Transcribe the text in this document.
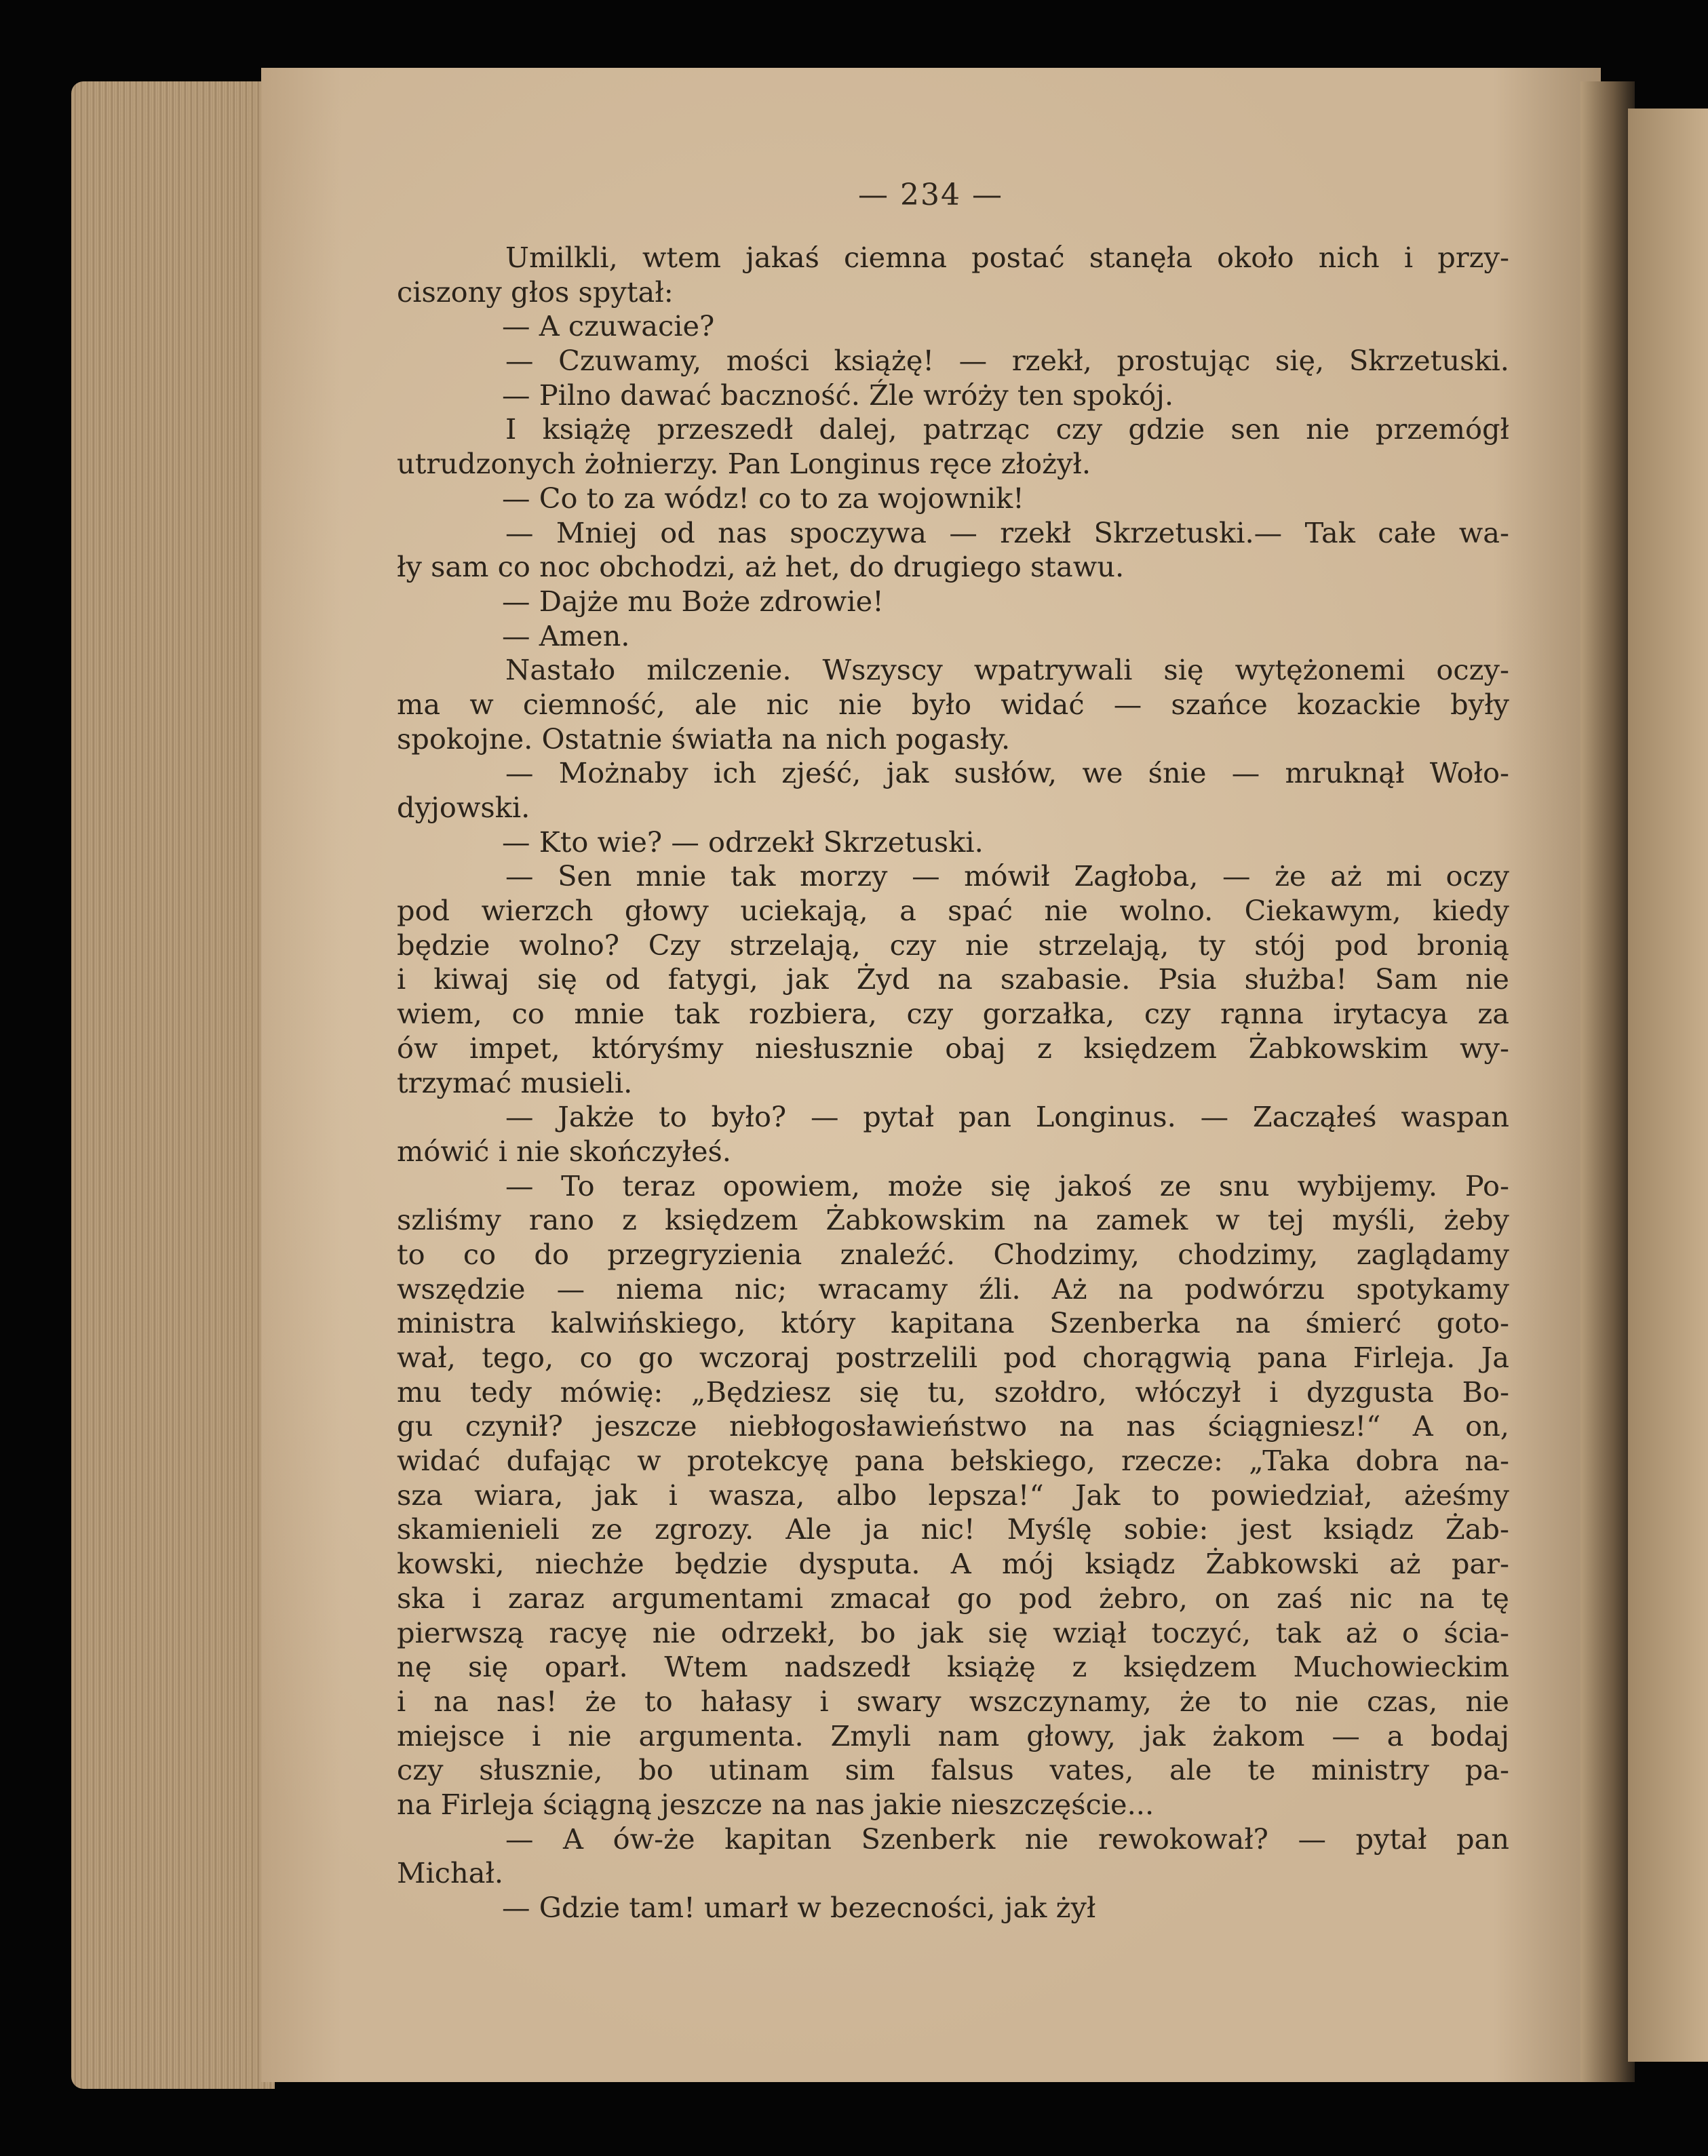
— 234 —
Umilkli, wtem jakaś ciemna postać stanęła około nich i przy-
ciszony głos spytał:
— A czuwacie?
— Czuwamy, mości książę! — rzekł, prostując się, Skrzetuski.
— Pilno dawać baczność. Źle wróży ten spokój.
I książę przeszedł dalej, patrząc czy gdzie sen nie przemógł
utrudzonych żołnierzy. Pan Longinus ręce złożył.
— Co to za wódz! co to za wojownik!
— Mniej od nas spoczywa — rzekł Skrzetuski.— Tak całe wa-
ły sam co noc obchodzi, aż het, do drugiego stawu.
— Dajże mu Boże zdrowie!
— Amen.
Nastało milczenie. Wszyscy wpatrywali się wytężonemi oczy-
ma w ciemność, ale nic nie było widać — szańce kozackie były
spokojne. Ostatnie światła na nich pogasły.
— Możnaby ich zjeść, jak susłów, we śnie — mruknął Woło-
dyjowski.
— Kto wie? — odrzekł Skrzetuski.
— Sen mnie tak morzy — mówił Zagłoba, — że aż mi oczy
pod wierzch głowy uciekają, a spać nie wolno. Ciekawym, kiedy
będzie wolno? Czy strzelają, czy nie strzelają, ty stój pod bronią
i kiwaj się od fatygi, jak Żyd na szabasie. Psia służba! Sam nie
wiem, co mnie tak rozbiera, czy gorzałka, czy rąnna irytacya za
ów impet, któryśmy niesłusznie obaj z księdzem Żabkowskim wy-
trzymać musieli.
— Jakże to było? — pytał pan Longinus. — Zacząłeś waspan
mówić i nie skończyłeś.
— To teraz opowiem, może się jakoś ze snu wybijemy. Po-
szliśmy rano z księdzem Żabkowskim na zamek w tej myśli, żeby
to co do przegryzienia znaleźć. Chodzimy, chodzimy, zaglądamy
wszędzie — niema nic; wracamy źli. Aż na podwórzu spotykamy
ministra kalwińskiego, który kapitana Szenberka na śmierć goto-
wał, tego, co go wczoraj postrzelili pod chorągwią pana Firleja. Ja
mu tedy mówię: „Będziesz się tu, szołdro, włóczył i dyzgusta Bo-
gu czynił? jeszcze niebłogosławieństwo na nas ściągniesz!“ A on,
widać dufając w protekcyę pana bełskiego, rzecze: „Taka dobra na-
sza wiara, jak i wasza, albo lepsza!“ Jak to powiedział, ażeśmy
skamienieli ze zgrozy. Ale ja nic! Myślę sobie: jest ksiądz Żab-
kowski, niechże będzie dysputa. A mój ksiądz Żabkowski aż par-
ska i zaraz argumentami zmacał go pod żebro, on zaś nic na tę
pierwszą racyę nie odrzekł, bo jak się wziął toczyć, tak aż o ścia-
nę się oparł. Wtem nadszedł książę z księdzem Muchowieckim
i na nas! że to hałasy i swary wszczynamy, że to nie czas, nie
miejsce i nie argumenta. Zmyli nam głowy, jak żakom — a bodaj
czy słusznie, bo utinam sim falsus vates, ale te ministry pa-
na Firleja ściągną jeszcze na nas jakie nieszczęście...
— A ów-że kapitan Szenberk nie rewokował? — pytał pan
Michał.
— Gdzie tam! umarł w bezecności, jak żył
